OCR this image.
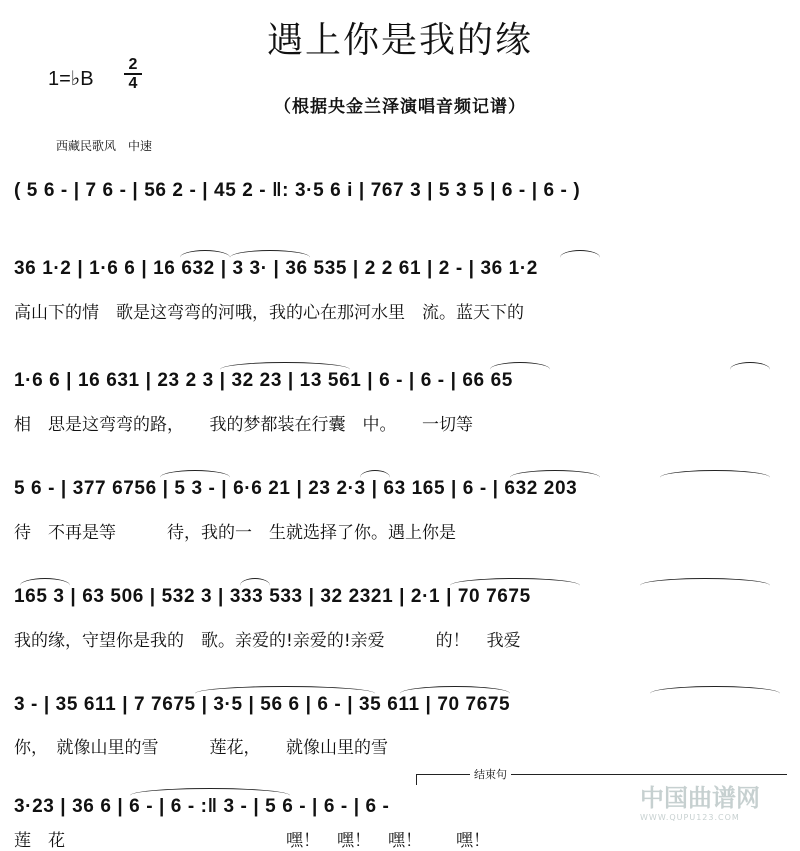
遇上你是我的缘
1=♭B
2
4
（根据央金兰泽演唱音频记谱）
西藏民歌风　中速
( 5 6 - | 7 6 - | 56 2 - | 45 2 - ‖: 3·5 6 i | 767 3 | 5 3 5 | 6 - | 6 - )
36 1·2 | 1·6 6 | 16 632 | 3 3· | 36 535 | 2 2 61 | 2 - | 36 1·2
高山下的情　歌是这弯弯的河哦，我的心在那河水里　流。蓝天下的
1·6 6 | 16 631 | 23 2 3 | 32 23 | 13 561 | 6 - | 6 - | 66 65
相　思是这弯弯的路，　　我的梦都装在行囊　中。　　一切等
5 6 - | 377 6756 | 5 3 - | 6·6 21 | 23 2·3 | 63 165 | 6 - | 632 203
待　不再是等　　　待，我的一　生就选择了你。遇上你是
165 3 | 63 506 | 532 3 | 333 533 | 32 2321 | 2·1 | 70 7675
我的缘，守望你是我的　歌。亲爱的!亲爱的!亲爱　　　的！　我爱
3 - | 35 611 | 7 7675 | 3·5 | 56 6 | 6 - | 35 611 | 70 7675
你，　就像山里的雪　　　莲花，　　就像山里的雪
3·23 | 36 6 | 6 - | 6 - :‖ 3 - | 5 6 - | 6 - | 6 -
莲　花　　　　　　　　　　　　　嘿！　嘿！　嘿！　　嘿！
结束句
中国曲谱网
WWW.QUPU123.COM
